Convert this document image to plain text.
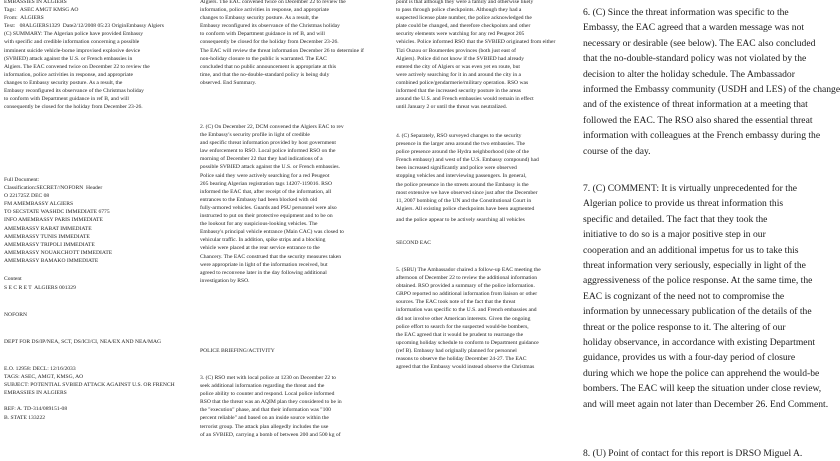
EMBASSIES IN ALGIERS
Tags:   ASEC AMGT KMSG AO
From:  ALGIERS
Text:   08ALGIERS1329  Date2/12/2008 05:23 OriginEmbassy Algiers
(C) SUMMARY: The Algerian police have provided Embassy
with specific and credible information concerning a possible
imminent suicide vehicle-borne improvised explosive device
(SVBIED) attack against the U.S. or French embassies in
Algiers. The EAC convened twice on December 22 to review the
information, police activities in response, and appropriate
changes to Embassy security posture. As a result, the
Embassy reconfigured its observance of the Christmas holiday
to conform with Department guidance in ref B, and will
consequently be closed for the holiday from December 23-26.
Full Document:
Classification:SECRET//NOFORN  Header
O 221725Z DEC 08
FM AMEMBASSY ALGIERS
TO SECSTATE WASHDC IMMEDIATE 6775
INFO AMEMBASSY PARIS IMMEDIATE
AMEMBASSY RABAT IMMEDIATE
AMEMBASSY TUNIS IMMEDIATE
AMEMBASSY TRIPOLI IMMEDIATE
AMEMBASSY NOUAKCHOTT IMMEDIATE
AMEMBASSY BAMAKO IMMEDIATE
Content
S E C R E T  ALGIERS 001329
NOFORN
DEPT FOR DS/IP/NEA, SCT, DS/ICI/CI, NEA/EX AND NEA/MAG
E.O. 12958: DECL: 12/16/2033
TAGS: ASEC, AMGT, KMSG, AO
SUBJECT: POTENTIAL SVBIED ATTACK AGAINST U.S. OR FRENCH
EMBASSIES IN ALGIERS

REF: A. TD-314/089151-08
B. STATE 133222
Algiers. The EAC convened twice on December 22 to review the
information, police activities in response, and appropriate
changes to Embassy security posture. As a result, the
Embassy reconfigured its observance of the Christmas holiday
to conform with Department guidance in ref B, and will
consequently be closed for the holiday from December 23-26.
The EAC will review the threat information December 26 to determine if
non-holiday closure to the public is warranted. The EAC
concluded that no public announcement is appropriate at this
time, and that the no-double-standard policy is being duly
observed. End Summary.
2. (C) On December 22, DCM convened the Algiers EAC to rev
the Embassy's security profile in light of credible
and specific threat information provided by host government
law enforcement to RSO. Local police informed RSO on the
morning of December 22 that they had indications of a
possible SVBIED attack against the U.S. or French embassies.
Police said they were actively searching for a red Peugeot
205 bearing Algerian registration tags 14207-119016. RSO
informed the EAC that, after receipt of the information, all
entrances to the Embassy had been blocked with old
fully-armored vehicles. Guards and PSU personnel were also
instructed to put on their protective equipment and to be on
the lookout for any suspicious-looking vehicles. The
Embassy's principal vehicle entrance (Main CAC) was closed to
vehicular traffic. In addition, spike strips and a blocking
vehicle were placed at the rear service entrance to the
Chancery. The EAC construed that the security measures taken
were appropriate in light of the information received, but
agreed to reconvene later in the day following additional
investigation by RSO.
POLICE BRIEFING/ACTIVITY
3. (C) RSO met with local police at 1230 on December 22 to
seek additional information regarding the threat and the
police ability to counter and respond. Local police informed
RSO that the threat was an AQIM plan they considered to be in
the "execution" phase, and that their information was "100
percent reliable" and based on an inside source within the
terrorist group. The attack plan allegedly includes the use
of an SVBIED, carrying a bomb of between 200 and 500 kg of
point is that although they were a family and otherwise likely
to pass through police checkpoints. Although they had a
suspected license plate number, the police acknowledged the
plate could be changed, and therefore checkpoints and other
security elements were watching for any red Peugeot 205
vehicles. Police informed RSO that the SVBIED originated from either
Tizi Ouzou or Boumerdes provinces (both just east of
Algiers). Police did not know if the SVBIED had already
entered the city of Algiers or was even yet en route, but
were actively searching for it in and around the city in a
combined police/gendarmerie/military operation. RSO was
informed that the increased security posture in the areas
around the U.S. and French embassies would remain in effect
until January 2 or until the threat was neutralized.
4. (C) Separately, RSO surveyed changes to the security
presence in the larger area around the two embassies. The
police presence around the Hydra neighborhood (site of the
French embassy) and west of the U.S. Embassy compound) had
been increased significantly and police were observed
stopping vehicles and interviewing passengers. In general,
the police presence in the streets around the Embassy is the
most extensive we have observed since just after the December
11, 2007 bombing of the UN and the Constitutional Court in
Algiers. All existing police checkpoints have been augmented
and the police appear to be actively searching all vehicles
SECOND EAC
5. (SBU) The Ambassador chaired a follow-up EAC meeting the
afternoon of December 22 to review the additional information
obtained. RSO provided a summary of the police information.
GRPO reported no additional information from liaison or other
sources. The EAC took note of the fact that the threat
information was specific to the U.S. and French embassies and
did not involve other American interests. Given the ongoing
police effort to search for the suspected would-be bombers,
the EAC agreed that it would be prudent to rearrange the
upcoming holiday schedule to conform to Department guidance
(ref B). Embassy had originally planned for personnel
reasons to observe the holiday December 24-27. The EAC
agreed that the Embassy would instead observe the Christmas
6. (C) Since the threat information was specific to the
Embassy, the EAC agreed that a warden message was not
necessary or desirable (see below). The EAC also concluded
that the no-double-standard policy was not violated by the
decision to alter the holiday schedule. The Ambassador
informed the Embassy community (USDH and LES) of the change
and of the existence of threat information at a meeting that
followed the EAC. The RSO also shared the essential threat
information with colleagues at the French embassy during the
course of the day.
7. (C) COMMENT: It is virtually unprecedented for the
Algerian police to provide us threat information this
specific and detailed. The fact that they took the
initiative to do so is a major positive step in our
cooperation and an additional impetus for us to take this
threat information very seriously, especially in light of the
aggressiveness of the police response. At the same time, the
EAC is cognizant of the need not to compromise the
information by unnecessary publication of the details of the
threat or the police response to it. The altering of our
holiday observance, in accordance with existing Department
guidance, provides us with a four-day period of closure
during which we hope the police can apprehend the would-be
bombers. The EAC will keep the situation under close review,
and will meet again not later than December 26. End Comment.
8. (U) Point of contact for this report is DRSO Miguel A.
